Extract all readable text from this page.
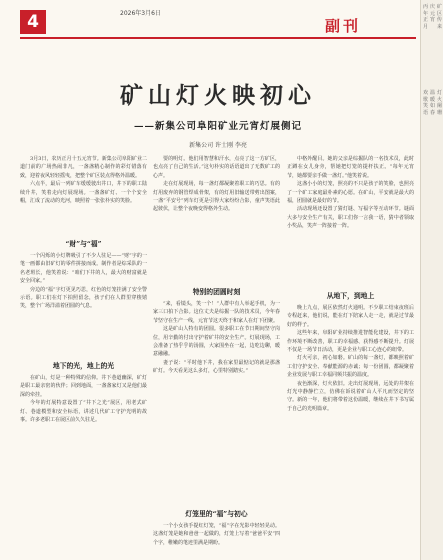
4	2026年3月6日
副刊
丙年正月
庆元宵
矿区传来
欢歌笑语
温暖如春
灯火阑珊
矿山灯火映初心
——新集公司阜阳矿业元宵灯展侧记
新集公司 许士刚 李亮

3月3日，农历正月十五元宵节。新集公司阜阳矿业二道门前的广场热闹非凡，一盏盏精心制作的彩灯错落有致，迎着夜风轻轻摇曳，把整个矿区装点得格外温暖。

六点半，最后一列矿车缓缓驶出井口，井下的职工陆续升井，笑着走向灯展现场。一盏盏矿灯、一个个安全帽，汇成了流动的光河，映照着一张张朴实的笑脸。

“财”与“福”

一个闪烁的小灯牌吸引了不少人驻足——“财”字的一笔一画都由旧矿灯的零件拼接而成。制作者是综采队的一名老班长，他笑着说：“咱们下井的人，最大的财富就是安全回家。”

旁边的“福”字灯更见巧思，红色的灯笼挂满了安全警示语。职工们在灯下拍照留念，孩子们在人群里穿梭嬉笑，整个广场洋溢着团圆的气息。

地下的光，地上的光

在矿山，灯是一种特殊的信仰。井下巷道幽深，矿灯是职工最亲密的伙伴；回到地面，一盏盏家灯又是他们最深的牵挂。

今年的灯展特意设置了“井下之光”展区，用老式矿灯、巷道模型和安全标语，讲述几代矿工守护光明的故事。许多老职工在展区前久久驻足。

要的明灯。他们用智慧和汗水，点亮了这一方矿区，也点亮了自己的生活。”这句朴实的话语道出了无数矿工的心声。

走在灯展现场，每一盏灯都凝聚着职工的巧思。有的灯用废弃的钢管焊成骨架，有的灯用旧输送带剪出图案，一盏“平安号”列车灯更是引得大家纷纷合影，童声笑语此起彼伏，让整个夜晚变得格外生动。

特别的团圆时刻

“来，看镜头，笑一个！”人群中有人举起手机，为一家三口拍下合影。这位丈夫是综掘一队的技术员，今年春节坚守在生产一线，元宵节这天终于和家人在灯下团聚。

这是矿山人特有的团圆。很多职工在节日期间坚守岗位，用辛勤的付出守护着矿井的安全生产。灯展现场，工会准备了热乎乎的汤圆，大家围坐在一起，边吃边聊，暖意融融。

妻子说：“平时他下井，我在家里最惦记的就是那盏矿灯。今天看见这么多灯，心里特别踏实。”

灯笼里的“福”与初心

一个小女孩手提红灯笼，“福”字在光影中轻轻晃动。这盏灯笼是她和爸爸一起做的，灯笼上写着“爸爸平安”四个字，稚嫩的笔迹里满是期盼。

中格外醒目。她的父亲是综掘队的一名技术员，此时正蹲在女儿身旁，帮她把灯笼的提杆扶正。“每年元宵节，她都要亲手做一盏灯。”他笑着说。

这盏小小的灯笼，照亮的不只是孩子的笑脸，也照亮了一个矿工家庭最朴素的心愿。在矿山，平安就是最大的福，团圆就是最好的节。

活动现场还设置了猜灯谜、写福字等互动环节。谜面大多与安全生产有关，职工们你一言我一语，猜中者领取小奖品，笑声一阵接着一阵。

从地下，到地上

晚上九点，展区依然灯火通明。不少职工结束夜班后专程赶来，他们说，能在灯下陪家人走一走，就是过节最好的样子。

这些年来，阜阳矿业持续推进智能化建设，井下的工作环境不断改善，职工的幸福感、获得感不断提升。灯展不仅是一场节日活动，更是企业与职工心连心的纽带。

灯火可亲，初心如磐。矿山的每一盏灯，都映照着矿工们守护安全、奉献能源的赤诚；每一份团圆，都凝聚着企业发展与职工幸福同频共振的温度。

夜色渐深，灯火依旧。走出灯展现场，远处的井架在灯光中静静伫立，仿佛在诉说着矿山人平凡而坚定的坚守。新的一年，他们将带着这份温暖，继续在井下书写属于自己的光明篇章。
